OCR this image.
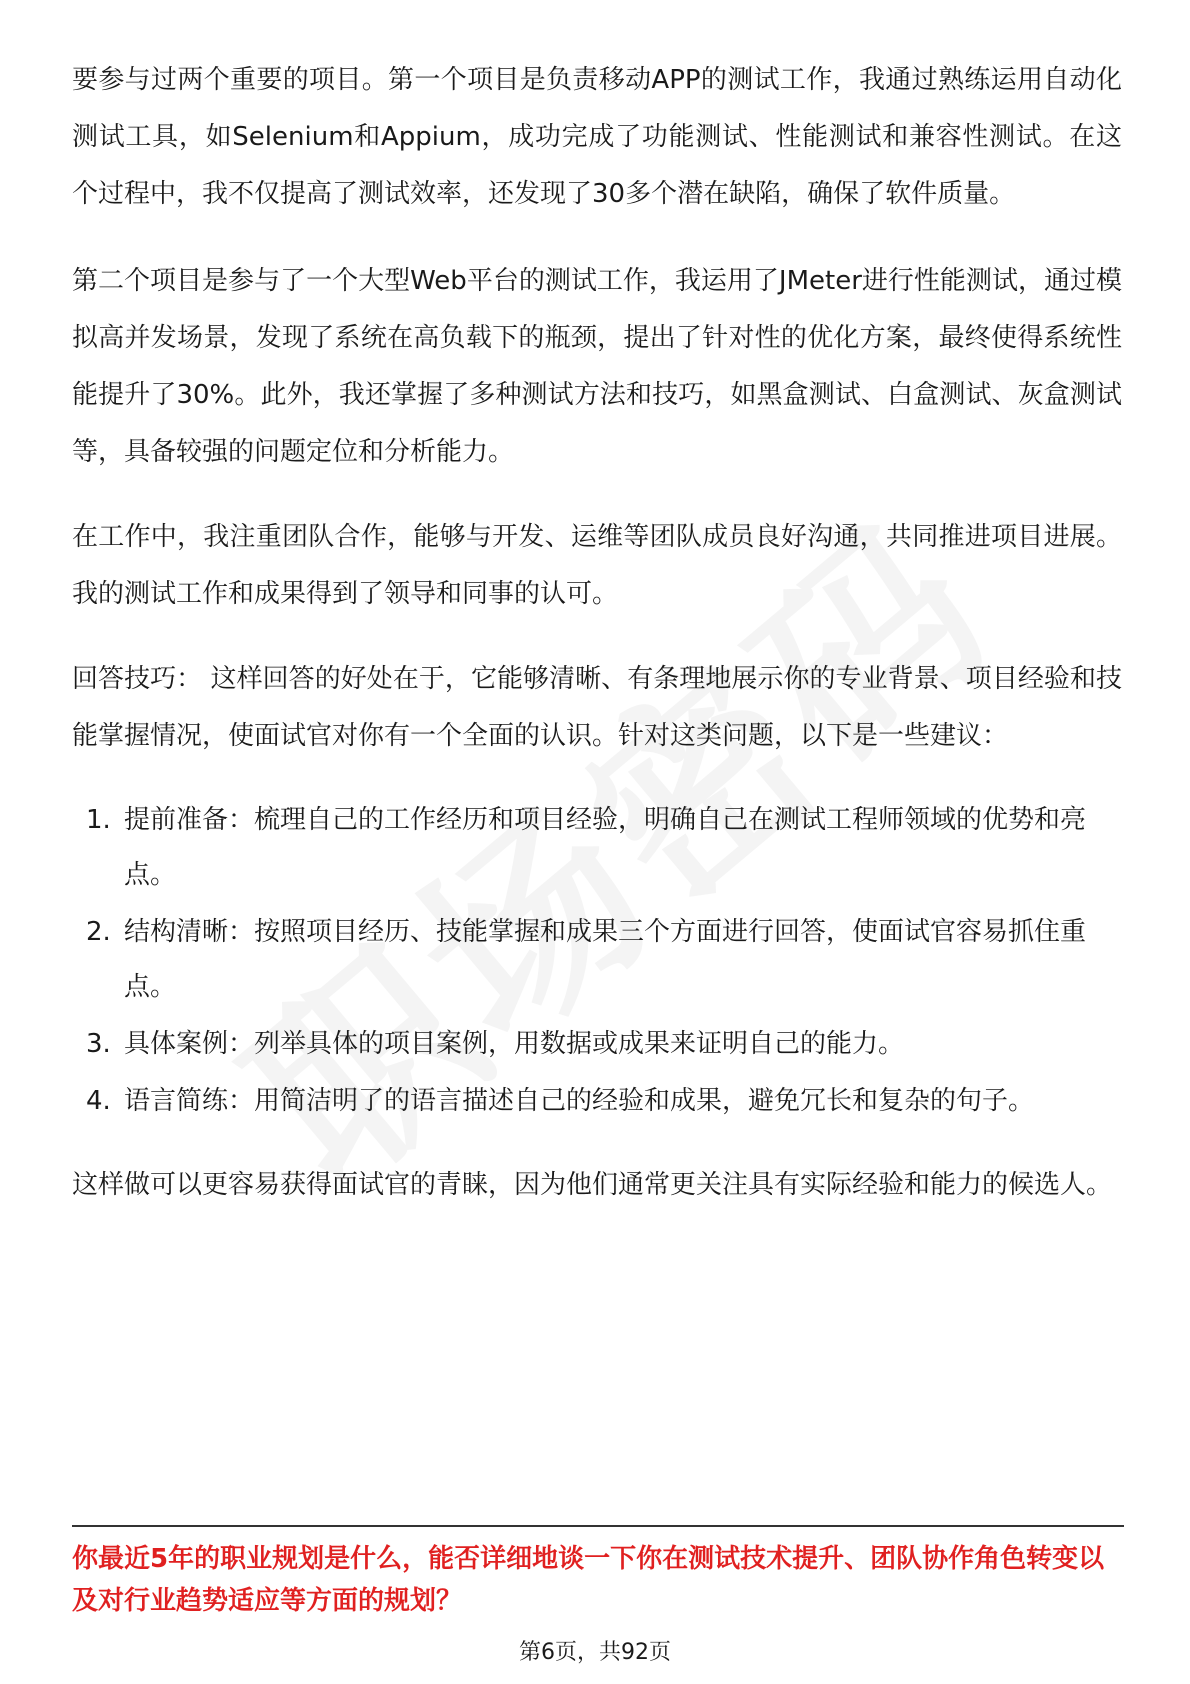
要参与过两个重要的项目。第一个项目是负责移动APP的测试工作，我通过熟练运用自动化测试工具，如Selenium和Appium，成功完成了功能测试、性能测试和兼容性测试。在这个过程中，我不仅提高了测试效率，还发现了30多个潜在缺陷，确保了软件质量。

第二个项目是参与了一个大型Web平台的测试工作，我运用了JMeter进行性能测试，通过模拟高并发场景，发现了系统在高负载下的瓶颈，提出了针对性的优化方案，最终使得系统性能提升了30%。此外，我还掌握了多种测试方法和技巧，如黑盒测试、白盒测试、灰盒测试等，具备较强的问题定位和分析能力。

在工作中，我注重团队合作，能够与开发、运维等团队成员良好沟通，共同推进项目进展。我的测试工作和成果得到了领导和同事的认可。

回答技巧： 这样回答的好处在于，它能够清晰、有条理地展示你的专业背景、项目经验和技能掌握情况，使面试官对你有一个全面的认识。针对这类问题，以下是一些建议：

1. 提前准备：梳理自己的工作经历和项目经验，明确自己在测试工程师领域的优势和亮点。
2. 结构清晰：按照项目经历、技能掌握和成果三个方面进行回答，使面试官容易抓住重点。
3. 具体案例：列举具体的项目案例，用数据或成果来证明自己的能力。
4. 语言简练：用简洁明了的语言描述自己的经验和成果，避免冗长和复杂的句子。

这样做可以更容易获得面试官的青睐，因为他们通常更关注具有实际经验和能力的候选人。

你最近5年的职业规划是什么，能否详细地谈一下你在测试技术提升、团队协作角色转变以及对行业趋势适应等方面的规划？
第6页，共92页
